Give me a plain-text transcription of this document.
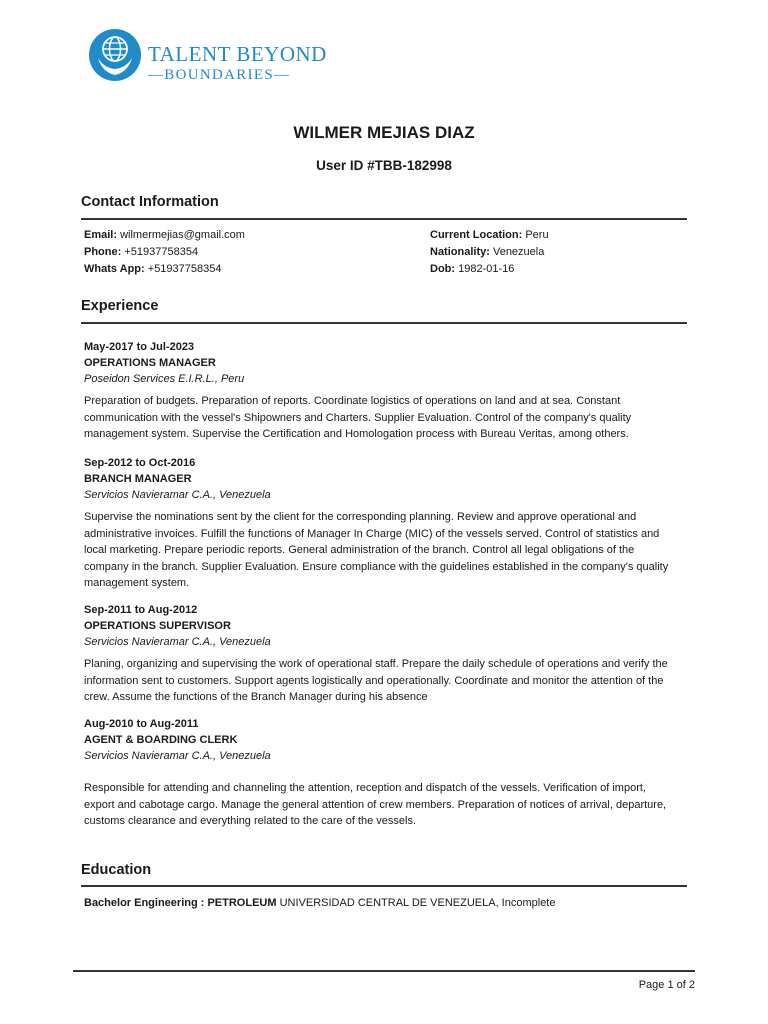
TALENT BEYOND
—BOUNDARIES—
WILMER MEJIAS DIAZ
User ID #TBB-182998
Contact Information
Email: wilmermejias@gmail.com
Phone: +51937758354
Whats App: +51937758354
Current Location: Peru
Nationality: Venezuela
Dob: 1982-01-16
Experience
May-2017 to Jul-2023
OPERATIONS MANAGER
Poseidon Services E.I.R.L., Peru
Preparation of budgets. Preparation of reports. Coordinate logistics of operations on land and at sea. Constant communication with the vessel's Shipowners and Charters. Supplier Evaluation. Control of the company's quality management system. Supervise the Certification and Homologation process with Bureau Veritas, among others.
Sep-2012 to Oct-2016
BRANCH MANAGER
Servicios Navieramar C.A., Venezuela
Supervise the nominations sent by the client for the corresponding planning. Review and approve operational and administrative invoices. Fulfill the functions of Manager In Charge (MIC) of the vessels served. Control of statistics and local marketing. Prepare periodic reports. General administration of the branch. Control all legal obligations of the company in the branch. Supplier Evaluation. Ensure compliance with the guidelines established in the company's quality management system.
Sep-2011 to Aug-2012
OPERATIONS SUPERVISOR
Servicios Navieramar C.A., Venezuela
Planing, organizing and supervising the work of operational staff. Prepare the daily schedule of operations and verify the information sent to customers. Support agents logistically and operationally. Coordinate and monitor the attention of the crew. Assume the functions of the Branch Manager during his absence
Aug-2010 to Aug-2011
AGENT & BOARDING CLERK
Servicios Navieramar C.A., Venezuela
Responsible for attending and channeling the attention, reception and dispatch of the vessels. Verification of import, export and cabotage cargo. Manage the general attention of crew members. Preparation of notices of arrival, departure, customs clearance and everything related to the care of the vessels.
Education
Bachelor Engineering : PETROLEUM UNIVERSIDAD CENTRAL DE VENEZUELA, Incomplete
Page 1 of 2
